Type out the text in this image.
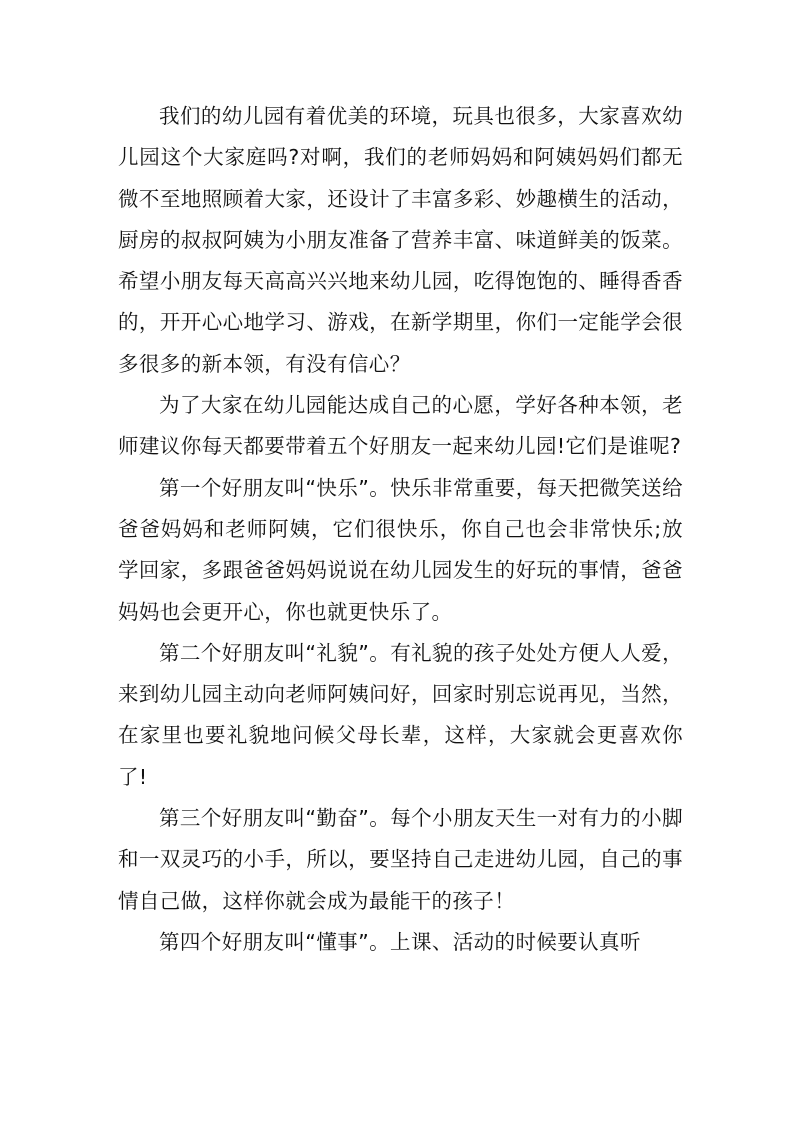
我们的幼儿园有着优美的环境，玩具也很多，大家喜欢幼儿园这个大家庭吗?对啊，我们的老师妈妈和阿姨妈妈们都无微不至地照顾着大家，还设计了丰富多彩、妙趣横生的活动，厨房的叔叔阿姨为小朋友准备了营养丰富、味道鲜美的饭菜。希望小朋友每天高高兴兴地来幼儿园，吃得饱饱的、睡得香香的，开开心心地学习、游戏，在新学期里，你们一定能学会很多很多的新本领，有没有信心？

为了大家在幼儿园能达成自己的心愿，学好各种本领，老师建议你每天都要带着五个好朋友一起来幼儿园!它们是谁呢?

第一个好朋友叫“快乐”。快乐非常重要，每天把微笑送给爸爸妈妈和老师阿姨，它们很快乐，你自己也会非常快乐;放学回家，多跟爸爸妈妈说说在幼儿园发生的好玩的事情，爸爸妈妈也会更开心，你也就更快乐了。

第二个好朋友叫“礼貌”。有礼貌的孩子处处方便人人爱，来到幼儿园主动向老师阿姨问好，回家时别忘说再见，当然，在家里也要礼貌地问候父母长辈，这样，大家就会更喜欢你了!

第三个好朋友叫“勤奋”。每个小朋友天生一对有力的小脚和一双灵巧的小手，所以，要坚持自己走进幼儿园，自己的事情自己做，这样你就会成为最能干的孩子！

第四个好朋友叫“懂事”。上课、活动的时候要认真听
